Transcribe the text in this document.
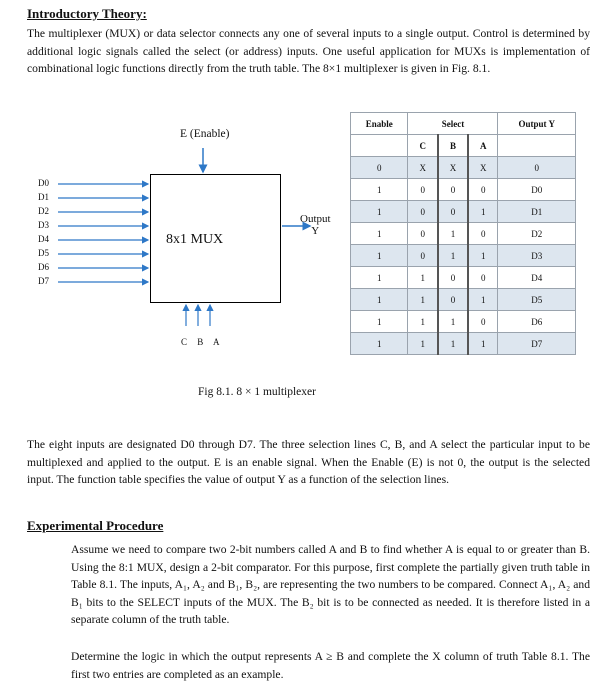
Introductory Theory:
The multiplexer (MUX) or data selector connects any one of several inputs to a single output. Control is determined by additional logic signals called the select (or address) inputs. One useful application for MUXs is implementation of combinational logic functions directly from the truth table. The 8×1 multiplexer is given in Fig. 8.1.
8x1 MUX
E (Enable)
Output
Y
D0
D1
D2
D3
D4
D5
D6
D7
C B A
Fig 8.1. 8 × 1 multiplexer
Enable	Select			Output Y
	C	B	A	
0	X	X	X	0
1	0	0	0	D0
1	0	0	1	D1
1	0	1	0	D2
1	0	1	1	D3
1	1	0	0	D4
1	1	0	1	D5
1	1	1	0	D6
1	1	1	1	D7
The eight inputs are designated D0 through D7. The three selection lines C, B, and A select the particular input to be multiplexed and applied to the output. E is an enable signal. When the Enable (E) is not 0, the output is the selected input. The function table specifies the value of output Y as a function of the selection lines.
Experimental Procedure
Assume we need to compare two 2-bit numbers called A and B to find whether A is equal to or greater than B. Using the 8:1 MUX, design a 2-bit comparator. For this purpose, first complete the partially given truth table in Table 8.1. The inputs, A₁, A₂ and B₁, B₂, are representing the two numbers to be compared. Connect A₁, A₂ and B₁ bits to the SELECT inputs of the MUX. The B₂ bit is to be connected as needed. It is therefore listed in a separate column of the truth table.
Determine the logic in which the output represents A ≥ B and complete the X column of truth Table 8.1. The first two entries are completed as an example.
